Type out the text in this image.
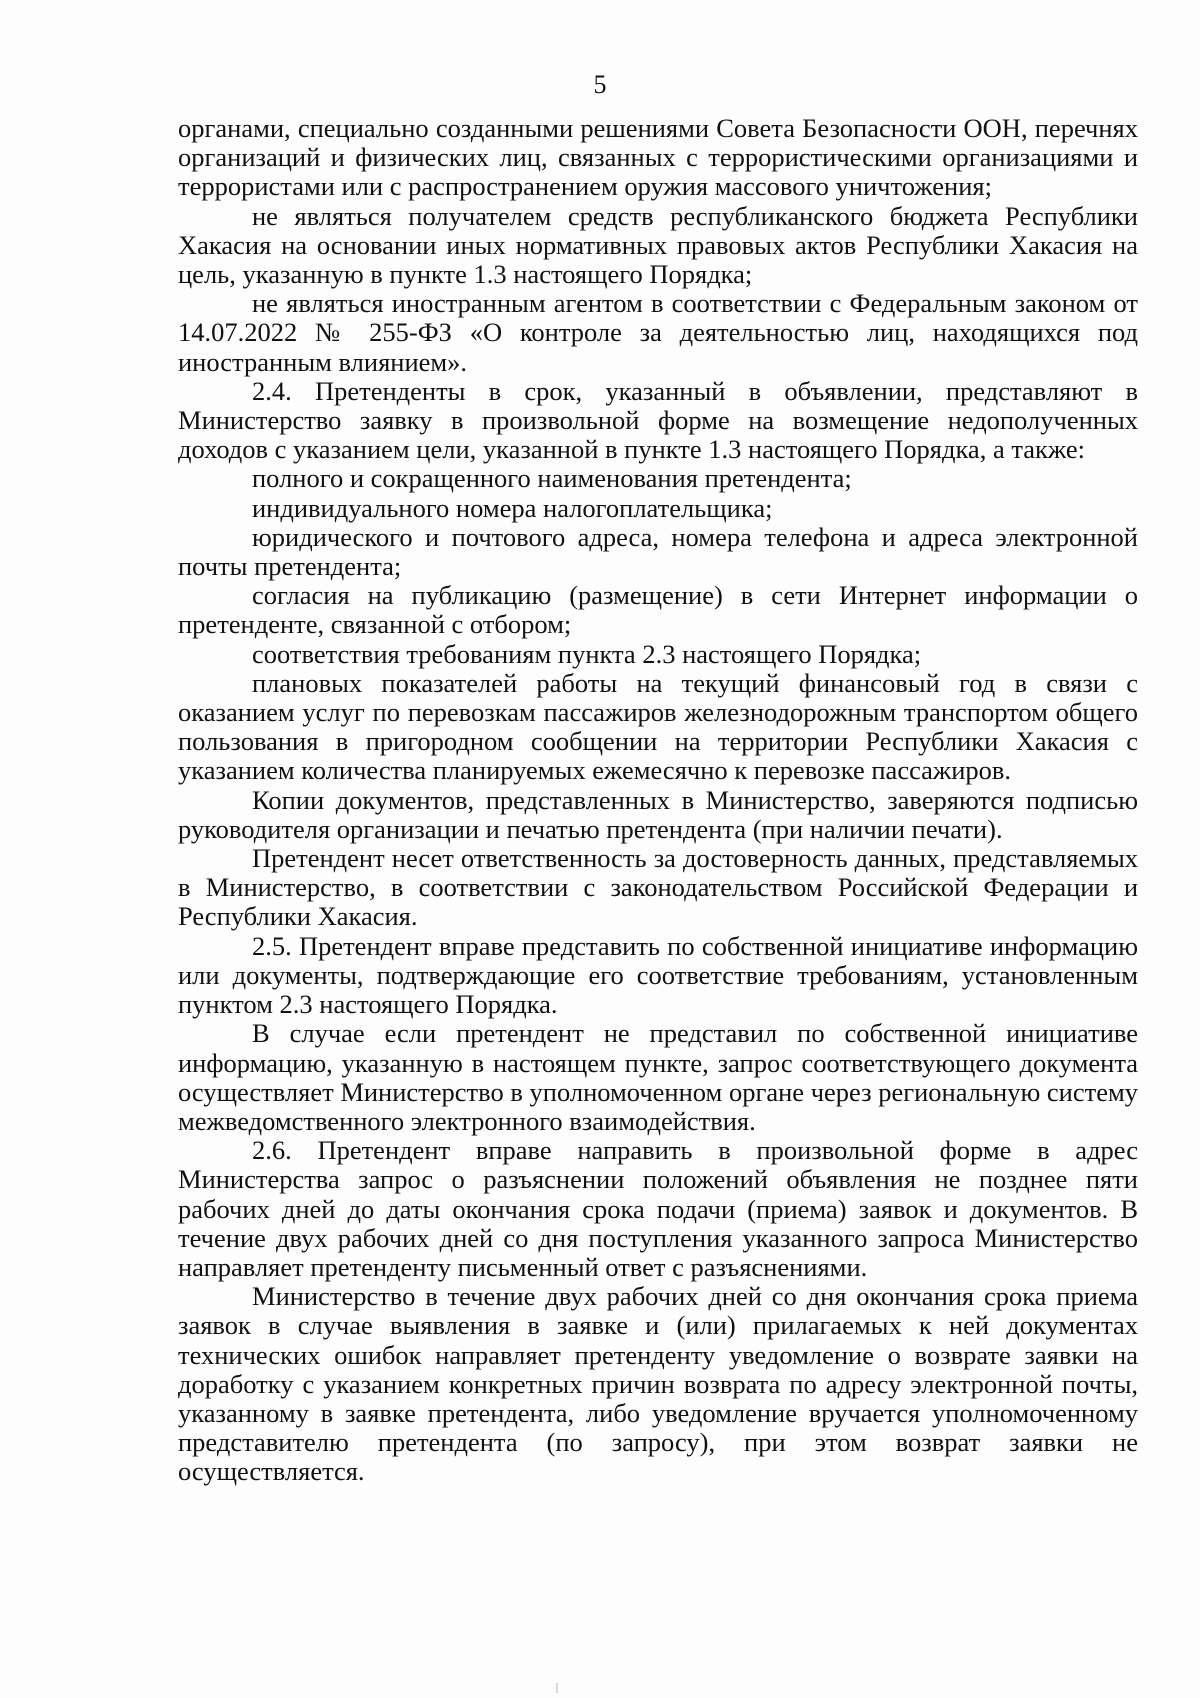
5

органами, специально созданными решениями Совета Безопасности ООН, перечнях организаций и физических лиц, связанных с террористическими организациями и террористами или с распространением оружия массового уничтожения;

не являться получателем средств республиканского бюджета Республики Хакасия на основании иных нормативных правовых актов Республики Хакасия на цель, указанную в пункте 1.3 настоящего Порядка;

не являться иностранным агентом в соответствии с Федеральным законом от 14.07.2022 № 255-ФЗ «О контроле за деятельностью лиц, находящихся под иностранным влиянием».

2.4. Претенденты в срок, указанный в объявлении, представляют в Министерство заявку в произвольной форме на возмещение недополученных доходов с указанием цели, указанной в пункте 1.3 настоящего Порядка, а также:

полного и сокращенного наименования претендента;

индивидуального номера налогоплательщика;

юридического и почтового адреса, номера телефона и адреса электронной почты претендента;

согласия на публикацию (размещение) в сети Интернет информации о претенденте, связанной с отбором;

соответствия требованиям пункта 2.3 настоящего Порядка;

плановых показателей работы на текущий финансовый год в связи с оказанием услуг по перевозкам пассажиров железнодорожным транспортом общего пользования в пригородном сообщении на территории Республики Хакасия с указанием количества планируемых ежемесячно к перевозке пассажиров.

Копии документов, представленных в Министерство, заверяются подписью руководителя организации и печатью претендента (при наличии печати).

Претендент несет ответственность за достоверность данных, представляемых в Министерство, в соответствии с законодательством Российской Федерации и Республики Хакасия.

2.5. Претендент вправе представить по собственной инициативе информацию или документы, подтверждающие его соответствие требованиям, установленным пунктом 2.3 настоящего Порядка.

В случае если претендент не представил по собственной инициативе информацию, указанную в настоящем пункте, запрос соответствующего документа осуществляет Министерство в уполномоченном органе через региональную систему межведомственного электронного взаимодействия.

2.6. Претендент вправе направить в произвольной форме в адрес Министерства запрос о разъяснении положений объявления не позднее пяти рабочих дней до даты окончания срока подачи (приема) заявок и документов. В течение двух рабочих дней со дня поступления указанного запроса Министерство направляет претенденту письменный ответ с разъяснениями.

Министерство в течение двух рабочих дней со дня окончания срока приема заявок в случае выявления в заявке и (или) прилагаемых к ней документах технических ошибок направляет претенденту уведомление о возврате заявки на доработку с указанием конкретных причин возврата по адресу электронной почты, указанному в заявке претендента, либо уведомление вручается уполномоченному представителю претендента (по запросу), при этом возврат заявки не осуществляется.
